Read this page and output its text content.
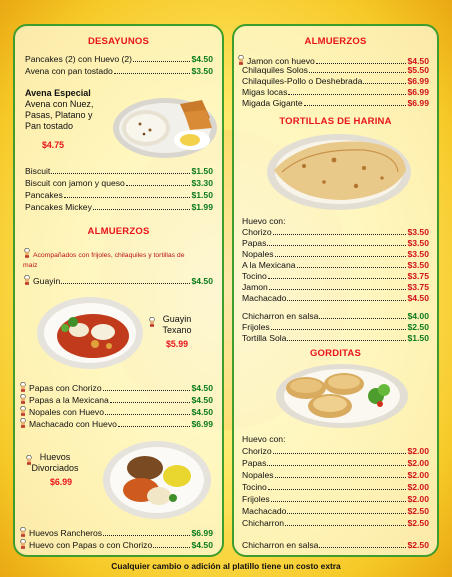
DESAYUNOS
Pancakes (2) con Huevo (2)	$4.50
Avena con pan tostado	$3.50
Avena Especial
Avena con Nuez,
Pasas, Platano y
Pan tostado
$4.75
Biscuit	$1.50
Biscuit con jamon y queso	$3.30
Pancakes	$1.50
Pancakes Mickey	$1.99
ALMUERZOS
Acompañados con frijoles, chilaquiles y tortillas de
maiz
Guayin	$4.50
Guayin
Texano
$5.99
Papas con Chorizo	$4.50
Papas a la Mexicana	$4.50
Nopales con Huevo	$4.50
Machacado con Huevo	$6.99
Huevos
Divorciados
$6.99
Huevos Rancheros	$6.99
Huevo con Papas o con Chorizo	$4.50
ALMUERZOS
Jamon con huevo	$4.50
Chilaquiles Solos	$5.50
Chilaquiles-Pollo o Deshebrada	$6.99
Migas locas	$6.99
Migada Gigante	$6.99
TORTILLAS DE HARINA
Huevo con:
Chorizo	$3.50
Papas	$3.50
Nopales	$3.50
A la Mexicana	$3.50
Tocino	$3.75
Jamon	$3.75
Machacado	$4.50
Chicharron en salsa	$4.00
Frijoles	$2.50
Tortilla Sola	$1.50
GORDITAS
Huevo con:
Chorizo	$2.00
Papas	$2.00
Nopales	$2.00
Tocino	$2.00
Frijoles	$2.00
Machacado	$2.50
Chicharron	$2.50
Chicharron en salsa	$2.50
Cualquier cambio o adición al platillo tiene un costo extra
